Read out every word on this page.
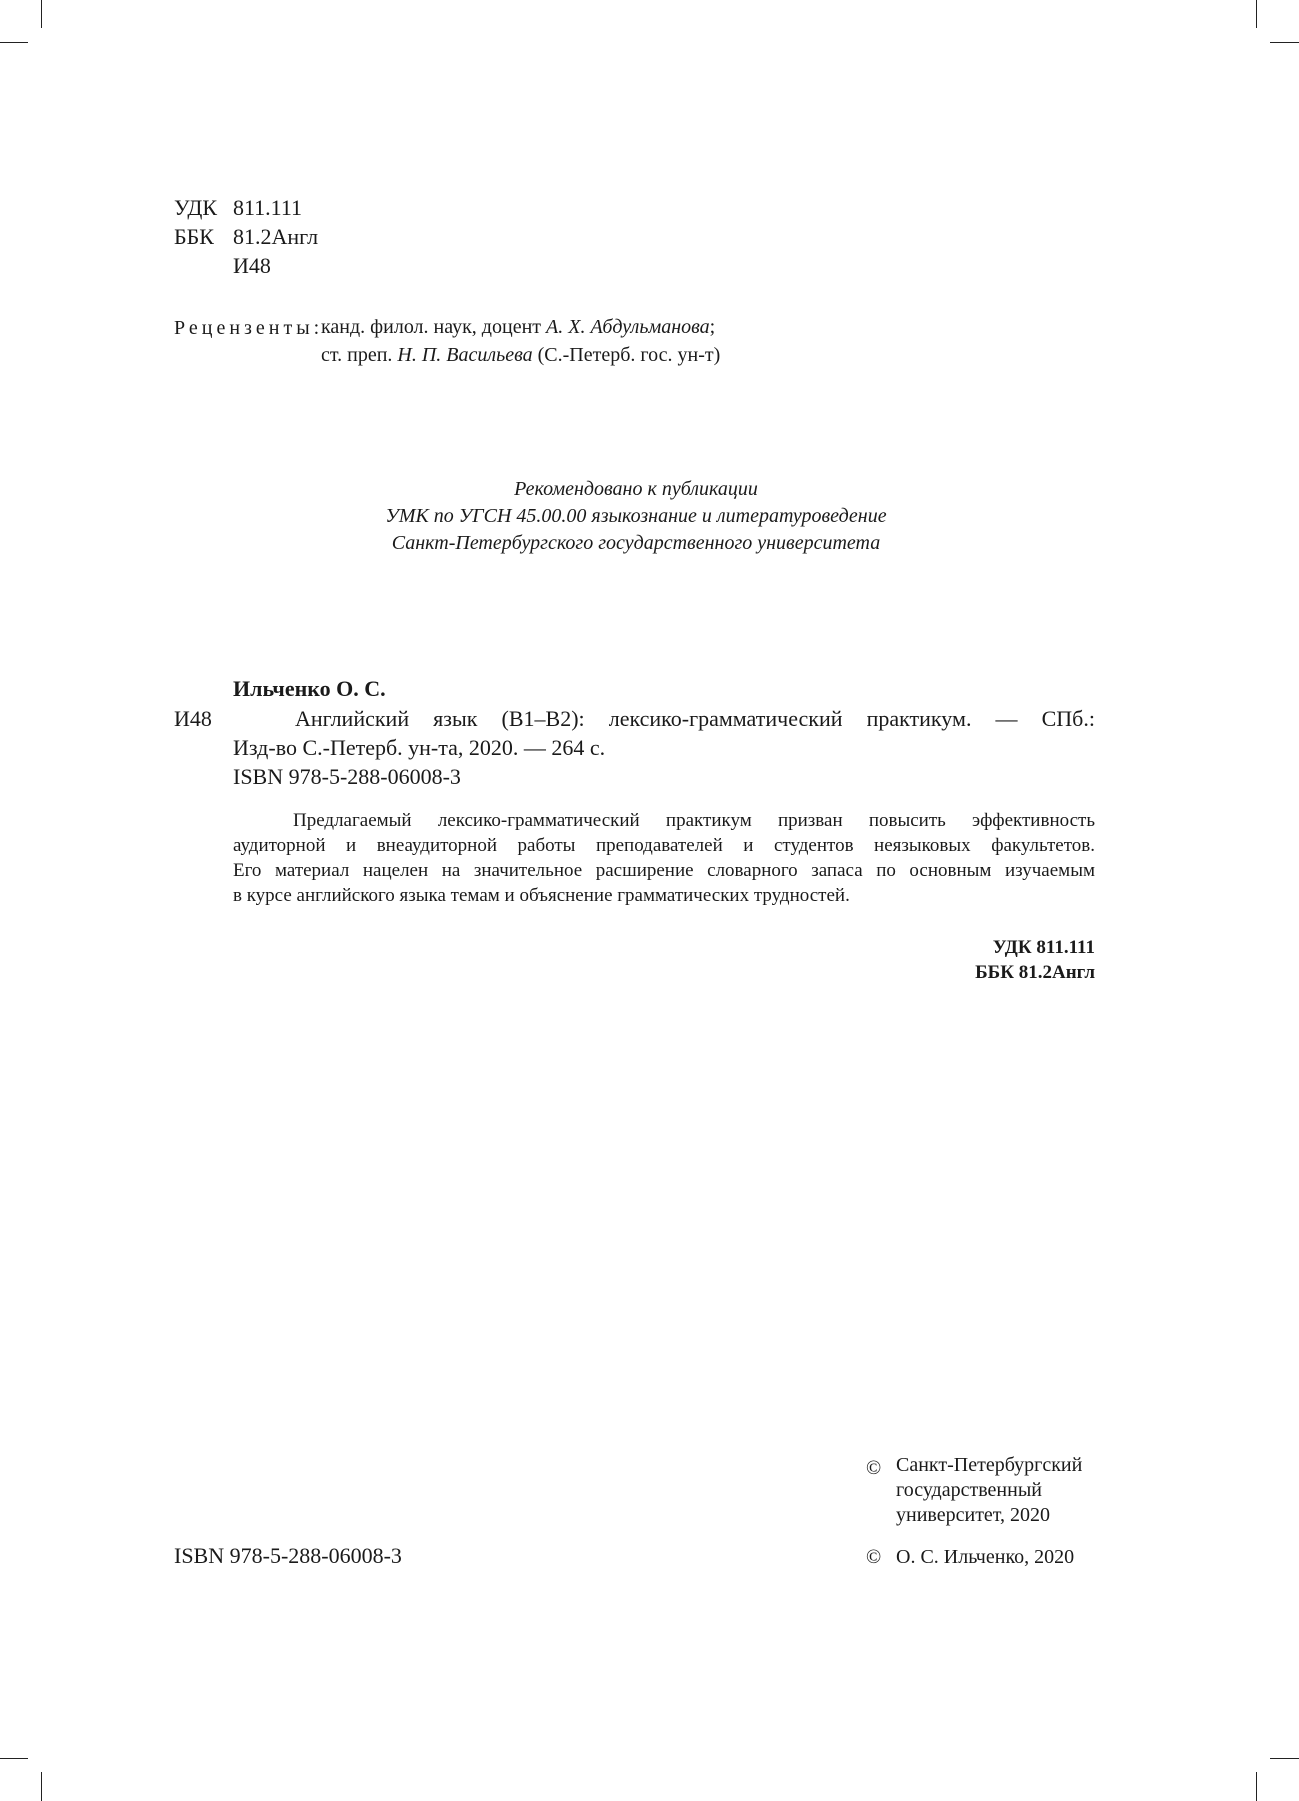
УДК 811.111
ББК 81.2Англ
И48
Рецензенты:
канд. филол. наук, доцент А. Х. Абдульманова;
ст. преп. Н. П. Васильева (С.-Петерб. гос. ун-т)
Рекомендовано к публикации
УМК по УГСН 45.00.00 языкознание и литературоведение
Санкт-Петербургского государственного университета
Ильченко О. С.
И48	Английский язык (B1–B2): лексико-грамматический практикум. — СПб.:
Изд-во С.-Петерб. ун-та, 2020. — 264 с.
ISBN 978-5-288-06008-3
Предлагаемый лексико-грамматический практикум призван повысить эффективность
аудиторной и внеаудиторной работы преподавателей и студентов неязыковых факультетов.
Его материал нацелен на значительное расширение словарного запаса по основным изучаемым
в курсе английского языка темам и объяснение грамматических трудностей.
УДК 811.111
ББК 81.2Англ
© Санкт-Петербургский
государственный
университет, 2020
ISBN 978-5-288-06008-3	© О. С. Ильченко, 2020
